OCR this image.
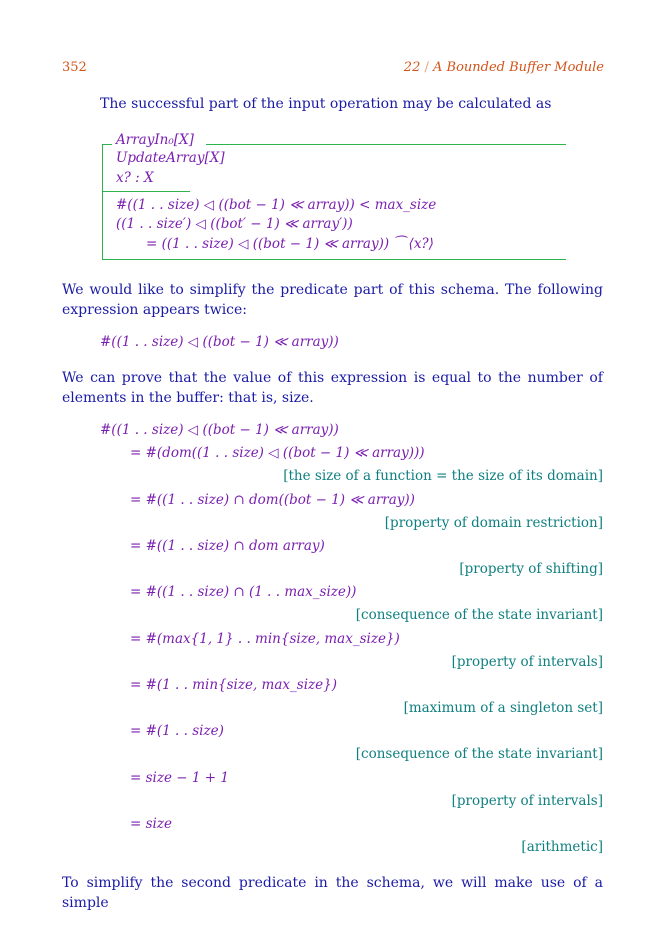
352	22 / A Bounded Buffer Module
The successful part of the input operation may be calculated as
ArrayIn₀[X]
UpdateArray[X]
x? : X
#((1 . . size) ◁ ((bot − 1) ≪ array)) < max_size
((1 . . size′) ◁ ((bot′ − 1) ≪ array′))
= ((1 . . size) ◁ ((bot − 1) ≪ array)) ⁀ ⟨x?⟩
We would like to simplify the predicate part of this schema. The following expression appears twice:
#((1 . . size) ◁ ((bot − 1) ≪ array))
We can prove that the value of this expression is equal to the number of elements in the buffer: that is, size.
#((1 . . size) ◁ ((bot − 1) ≪ array))
= #(dom((1 . . size) ◁ ((bot − 1) ≪ array)))
[the size of a function = the size of its domain]
= #((1 . . size) ∩ dom((bot − 1) ≪ array))
[property of domain restriction]
= #((1 . . size) ∩ dom array)
[property of shifting]
= #((1 . . size) ∩ (1 . . max_size))
[consequence of the state invariant]
= #(max{1, 1} . . min{size, max_size})
[property of intervals]
= #(1 . . min{size, max_size})
[maximum of a singleton set]
= #(1 . . size)
[consequence of the state invariant]
= size − 1 + 1
[property of intervals]
= size
[arithmetic]
To simplify the second predicate in the schema, we will make use of a simple
